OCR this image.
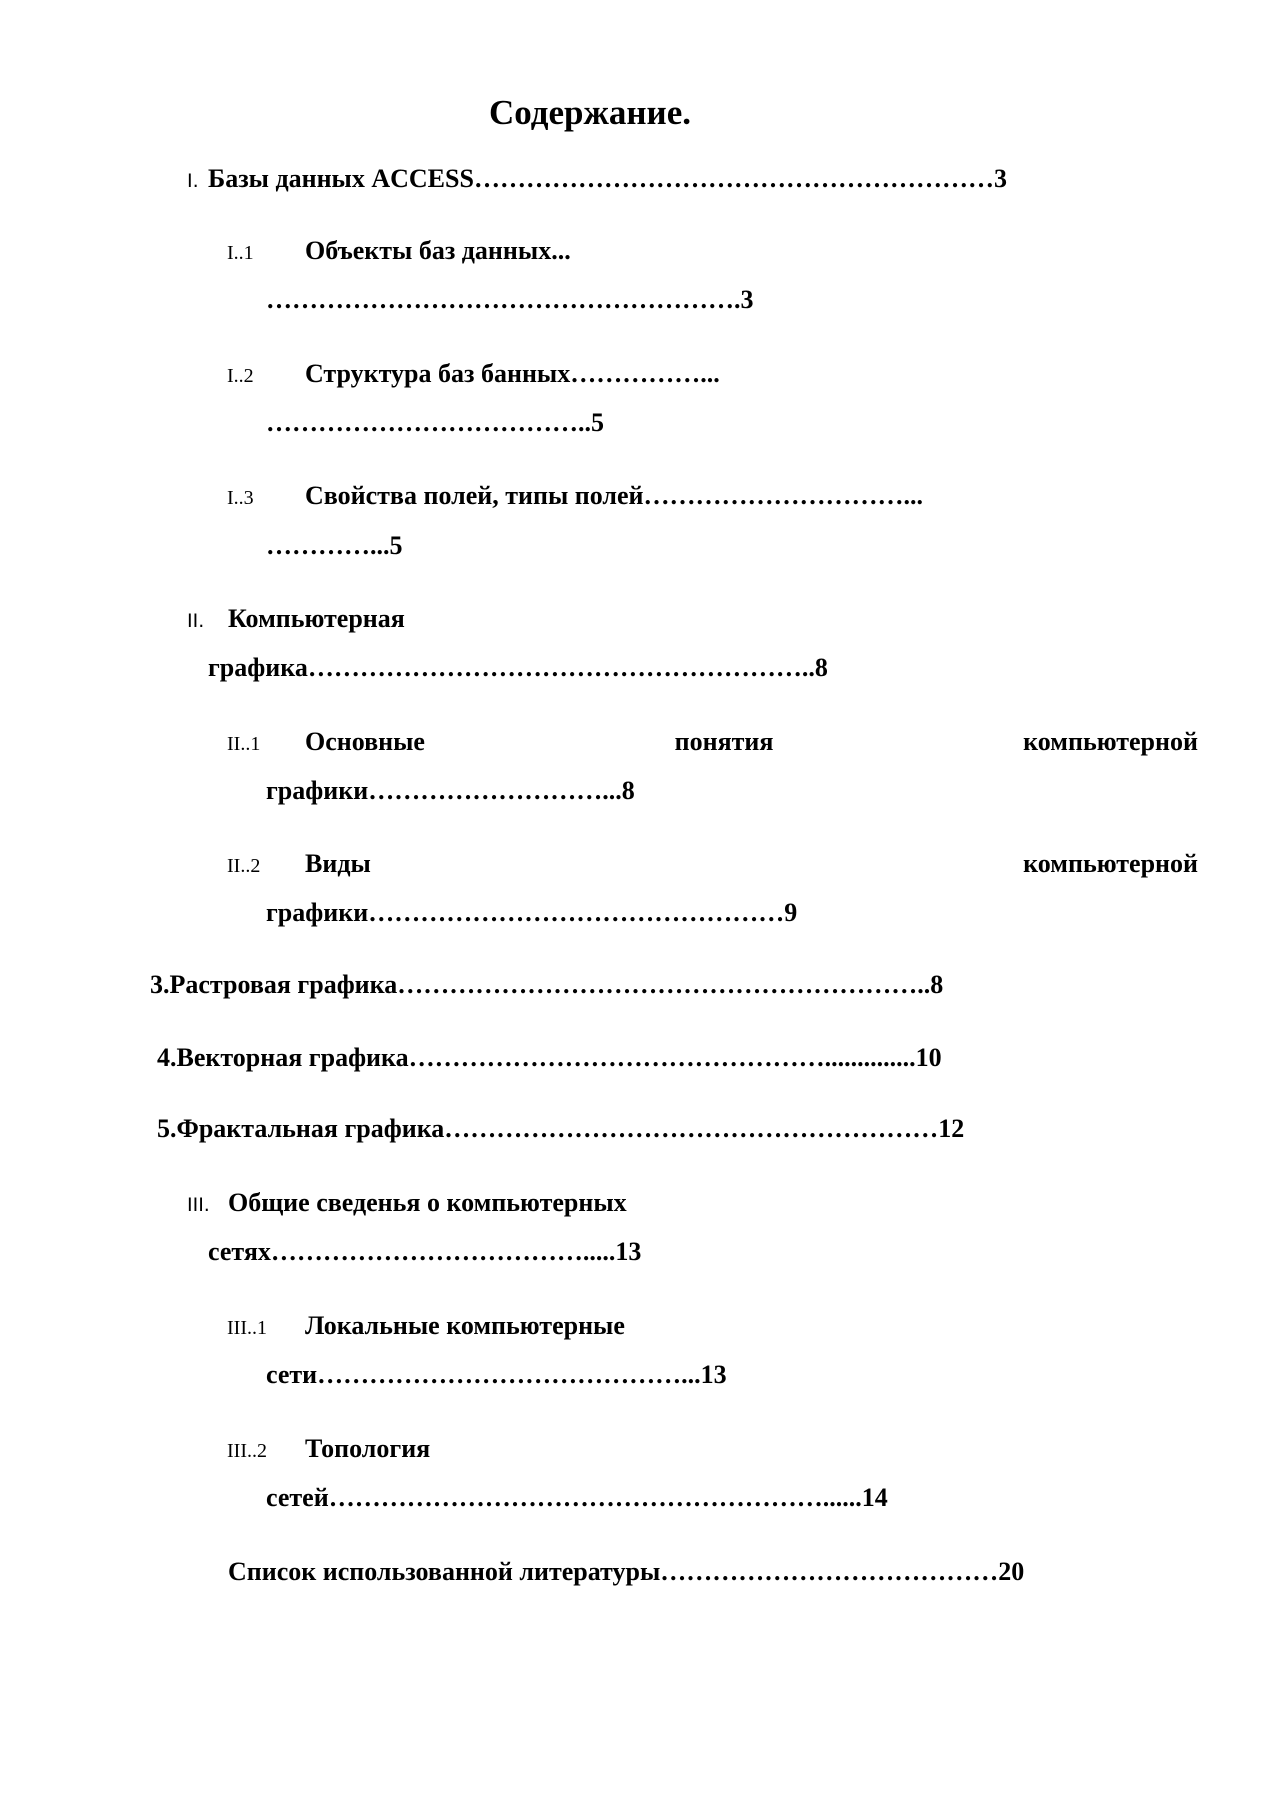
Содержание.
I. Базы данных ACCESS……………………………………………………3
I..1 Объекты баз данных...
……………………………………………….3
I..2 Структура баз банных……………...
………………………………..5
I..3 Свойства полей, типы полей…………………………...
…………...5
II. Компьютерная
графика…………………………………………………..8
II..1 Основные	понятия	компьютерной
графики………………………...8
II..2 Виды	компьютерной
графики…………………………………………9
3.Растровая графика……………………………………………………..8
4.Векторная графика…………………………………………..............10
5.Фрактальная графика…………………………………………………12
III. Общие сведенья о компьютерных
сетях……………………………….....13
III..1 Локальные компьютерные
сети……………………………………...13
III..2 Топология
сетей…………………………………………………......14
Список использованной литературы…………………………………20
